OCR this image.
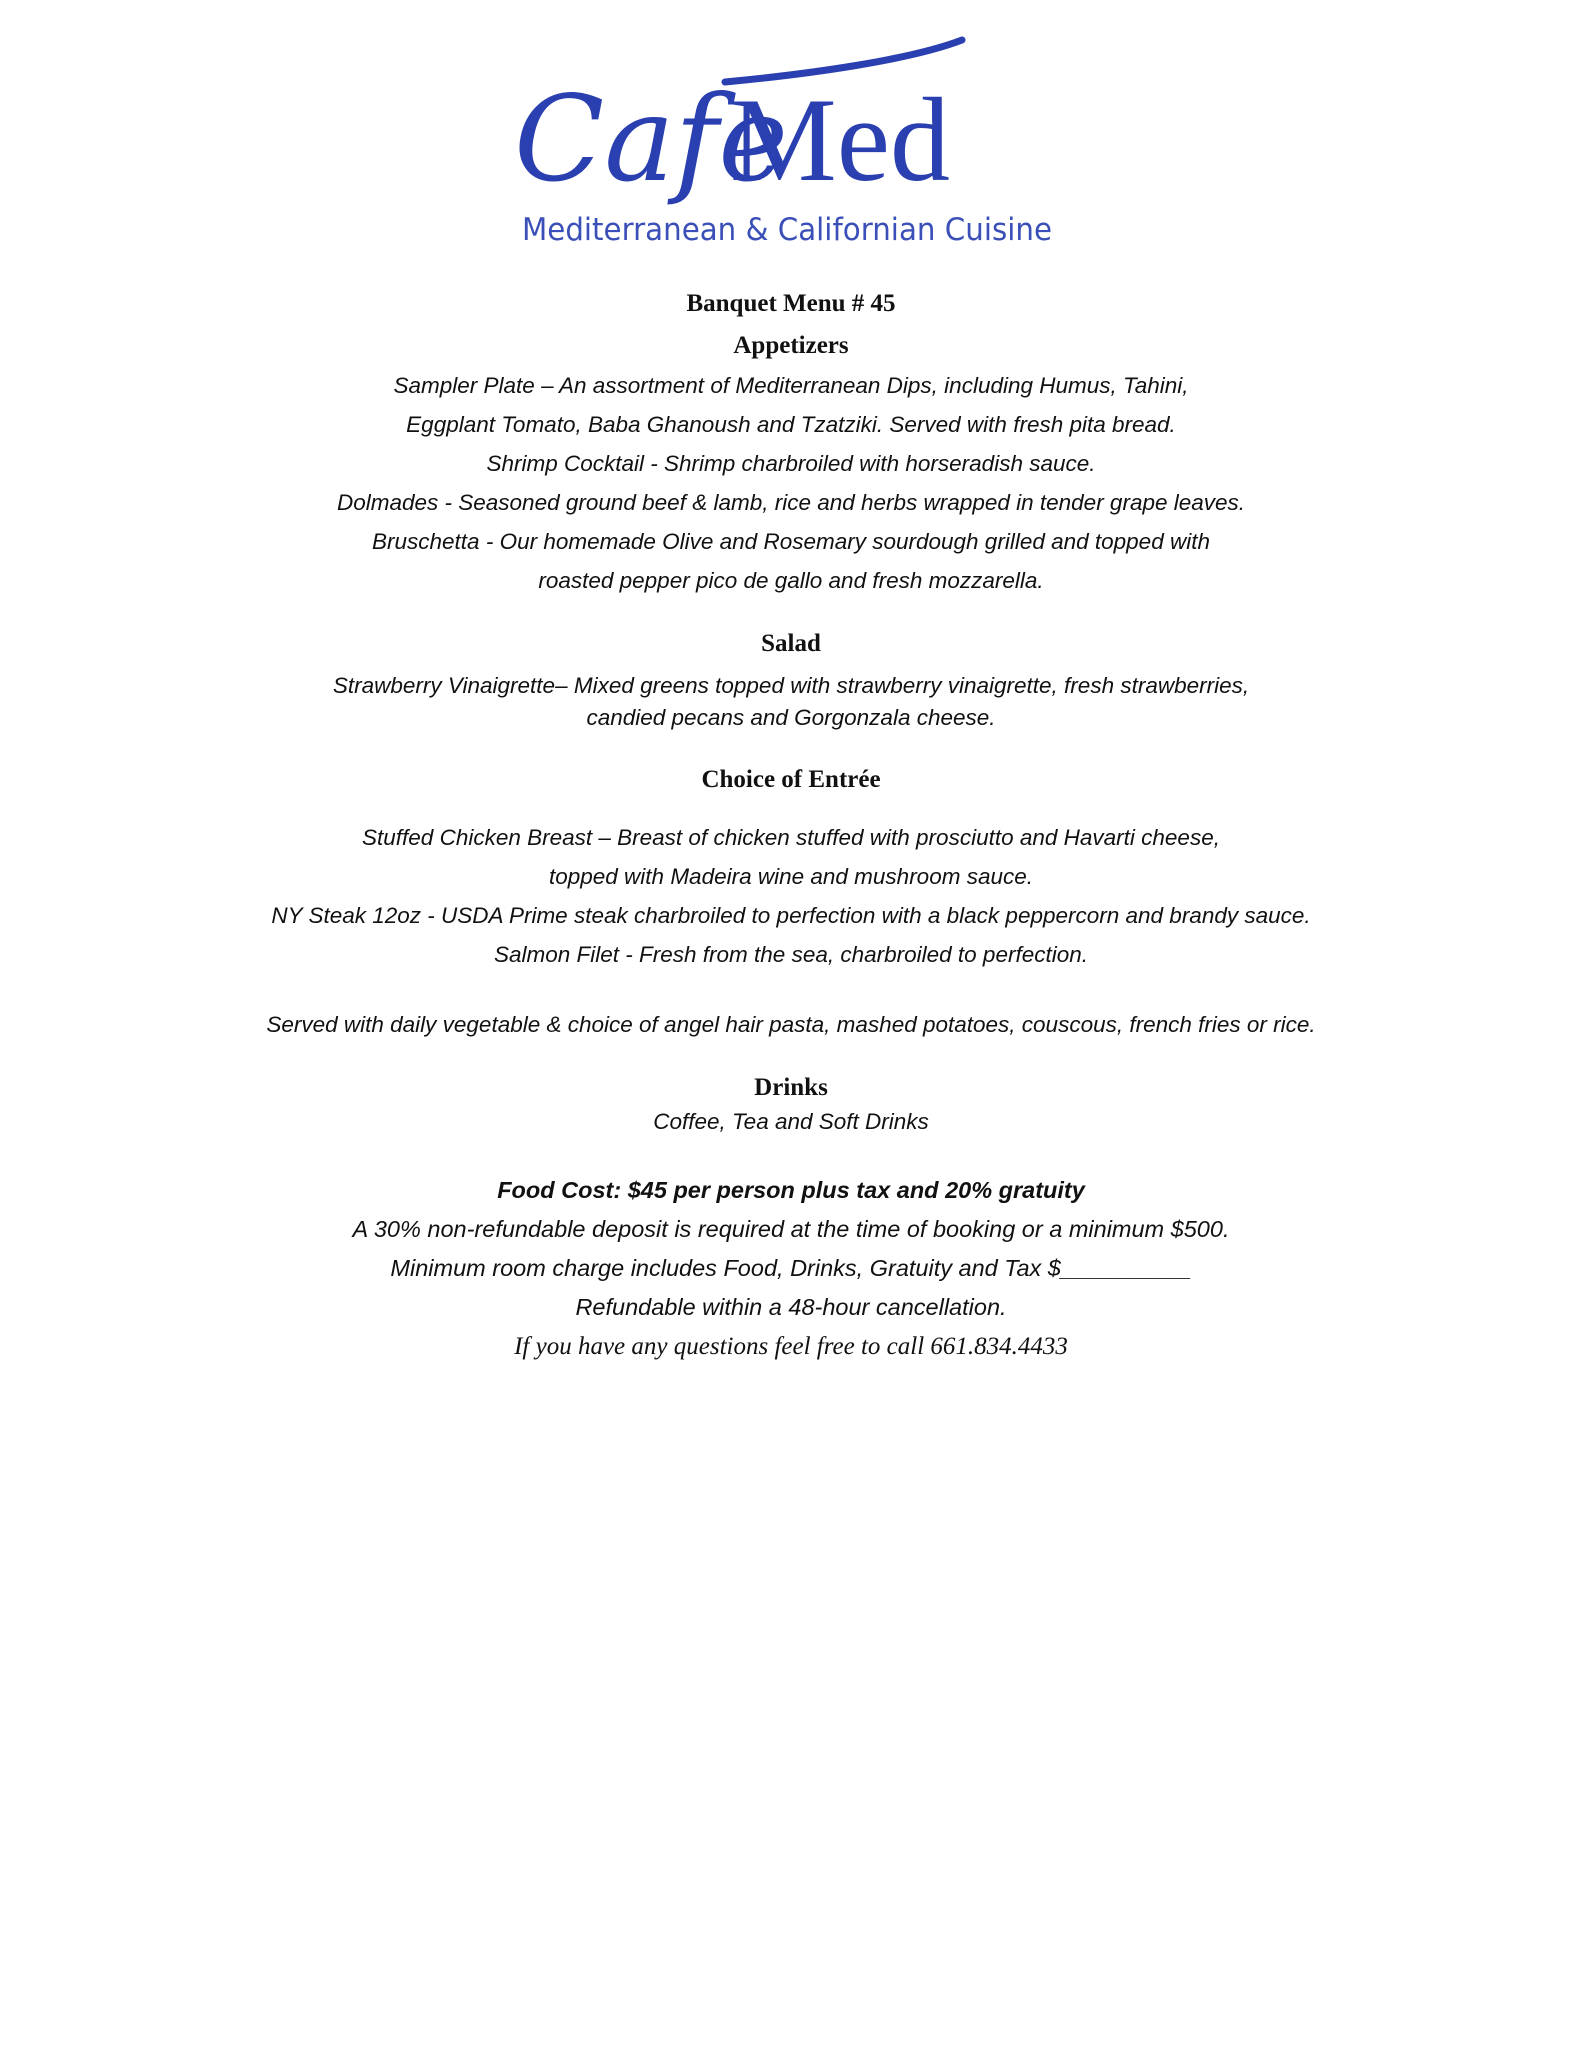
Cafe
Med
Mediterranean & Californian Cuisine
Banquet Menu # 45
Appetizers
Sampler Plate – An assortment of Mediterranean Dips, including Humus, Tahini,
Eggplant Tomato, Baba Ghanoush and Tzatziki. Served with fresh pita bread.
Shrimp Cocktail - Shrimp charbroiled with horseradish sauce.
Dolmades - Seasoned ground beef & lamb, rice and herbs wrapped in tender grape leaves.
Bruschetta - Our homemade Olive and Rosemary sourdough grilled and topped with
roasted pepper pico de gallo and fresh mozzarella.
Salad
Strawberry Vinaigrette– Mixed greens topped with strawberry vinaigrette, fresh strawberries,
candied pecans and Gorgonzala cheese.
Choice of Entrée
Stuffed Chicken Breast – Breast of chicken stuffed with prosciutto and Havarti cheese,
topped with Madeira wine and mushroom sauce.
NY Steak 12oz - USDA Prime steak charbroiled to perfection with a black peppercorn and brandy sauce.
Salmon Filet - Fresh from the sea, charbroiled to perfection.
Served with daily vegetable & choice of angel hair pasta, mashed potatoes, couscous, french fries or rice.
Drinks
Coffee, Tea and Soft Drinks
Food Cost: $45 per person plus tax and 20% gratuity
A 30% non-refundable deposit is required at the time of booking or a minimum $500.
Minimum room charge includes Food, Drinks, Gratuity and Tax $__________
Refundable within a 48-hour cancellation.
If you have any questions feel free to call 661.834.4433
